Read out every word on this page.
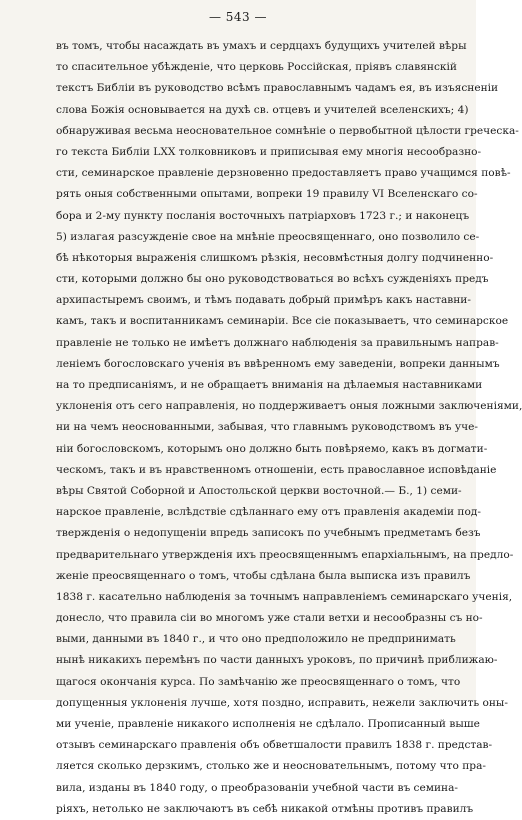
— 543 —
въ томъ, чтобы насаждать въ умахъ и сердцахъ будущихъ учителей вѣры
то спасительное убѣжденіе, что церковь Россійская, пріявъ славянскій
текстъ Библіи въ руководство всѣмъ православнымъ чадамъ ея, въ изъясненіи
слова Божія основывается на духѣ св. отцевъ и учителей вселенскихъ; 4)
обнаруживая весьма неосновательное сомнѣніе о первобытной цѣлости греческа-
го текста Библіи LXX толковниковъ и приписывая ему многія несообразно-
сти, семинарское правленіе дерзновенно предоставляетъ право учащимся повѣ-
рять оныя собственными опытами, вопреки 19 правилу VI Вселенскаго со-
бора и 2-му пункту посланія восточныхъ патріарховъ 1723 г.; и наконецъ
5) излагая разсужденіе свое на мнѣніе преосвященнаго, оно позволило се-
бѣ нѣкоторыя выраженія слишкомъ рѣзкія, несовмѣстныя долгу подчиненно-
сти, которыми должно бы оно руководствоваться во всѣхъ сужденіяхъ предъ
архипастыремъ своимъ, и тѣмъ подавать добрый примѣръ какъ наставни-
камъ, такъ и воспитанникамъ семинаріи. Все сіе показываетъ, что семинарское
правленіе не только не имѣетъ должнаго наблюденія за правильнымъ направ-
леніемъ богословскаго ученія въ ввѣренномъ ему заведеніи, вопреки даннымъ
на то предписаніямъ, и не обращаетъ вниманія на дѣлаемыя наставниками
уклоненія отъ сего направленія, но поддерживаетъ оныя ложными заключеніями,
ни на чемъ неоснованными, забывая, что главнымъ руководствомъ въ уче-
ніи богословскомъ, которымъ оно должно быть повѣряемо, какъ въ догмати-
ческомъ, такъ и въ нравственномъ отношеніи, есть православное исповѣданіе
вѣры Святой Соборной и Апостольской церкви восточной.— Б., 1) семи-
нарское правленіе, вслѣдствіе сдѣланнаго ему отъ правленія академіи под-
твержденія о недопущеніи впредь записокъ по учебнымъ предметамъ безъ
предварительнаго утвержденія ихъ преосвященнымъ епархіальнымъ, на предло-
женіе преосвященнаго о томъ, чтобы сдѣлана была выписка изъ правилъ
1838 г. касательно наблюденія за точнымъ направленіемъ семинарскаго ученія,
донесло, что правила сіи во многомъ уже стали ветхи и несообразны съ но-
выми, данными въ 1840 г., и что оно предположило не предпринимать
нынѣ никакихъ перемѣнъ по части данныхъ уроковъ, по причинѣ приближаю-
щагося окончанія курса. По замѣчанію же преосвященнаго о томъ, что
допущенныя уклоненія лучше, хотя поздно, исправить, нежели заключить оны-
ми ученіе, правленіе никакого исполненія не сдѣлало. Прописанный выше
отзывъ семинарскаго правленія объ обветшалости правилъ 1838 г. представ-
ляется сколько дерзкимъ, столько же и неосновательнымъ, потому что пра-
вила, изданы въ 1840 году, о преобразованіи учебной части въ семина-
ріяхъ, нетолько не заключаютъ въ себѣ никакой отмѣны противъ правилъ
